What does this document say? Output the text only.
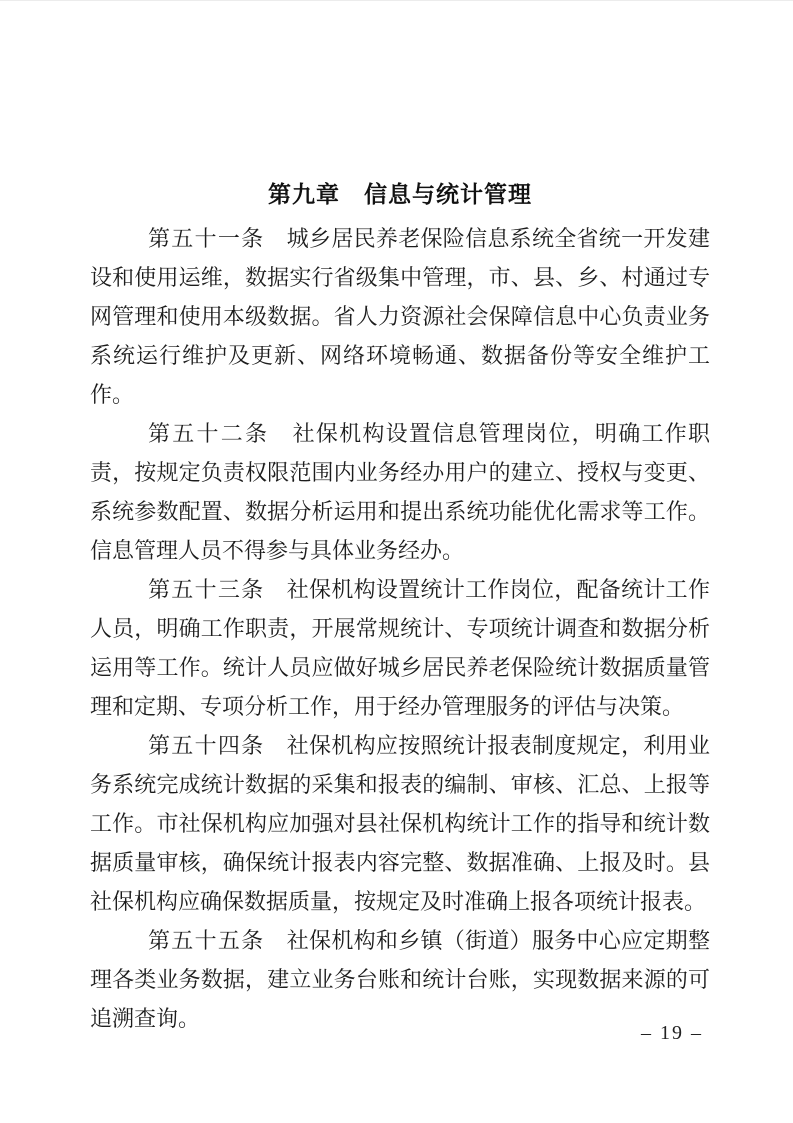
第九章　信息与统计管理

第五十一条 城乡居民养老保险信息系统全省统一开发建设和使用运维，数据实行省级集中管理，市、县、乡、村通过专网管理和使用本级数据。省人力资源社会保障信息中心负责业务系统运行维护及更新、网络环境畅通、数据备份等安全维护工作。

第五十二条 社保机构设置信息管理岗位，明确工作职责，按规定负责权限范围内业务经办用户的建立、授权与变更、系统参数配置、数据分析运用和提出系统功能优化需求等工作。信息管理人员不得参与具体业务经办。

第五十三条 社保机构设置统计工作岗位，配备统计工作人员，明确工作职责，开展常规统计、专项统计调查和数据分析运用等工作。统计人员应做好城乡居民养老保险统计数据质量管理和定期、专项分析工作，用于经办管理服务的评估与决策。

第五十四条 社保机构应按照统计报表制度规定，利用业务系统完成统计数据的采集和报表的编制、审核、汇总、上报等工作。市社保机构应加强对县社保机构统计工作的指导和统计数据质量审核，确保统计报表内容完整、数据准确、上报及时。县社保机构应确保数据质量，按规定及时准确上报各项统计报表。

第五十五条 社保机构和乡镇（街道）服务中心应定期整理各类业务数据，建立业务台账和统计台账，实现数据来源的可追溯查询。

– 19 –
